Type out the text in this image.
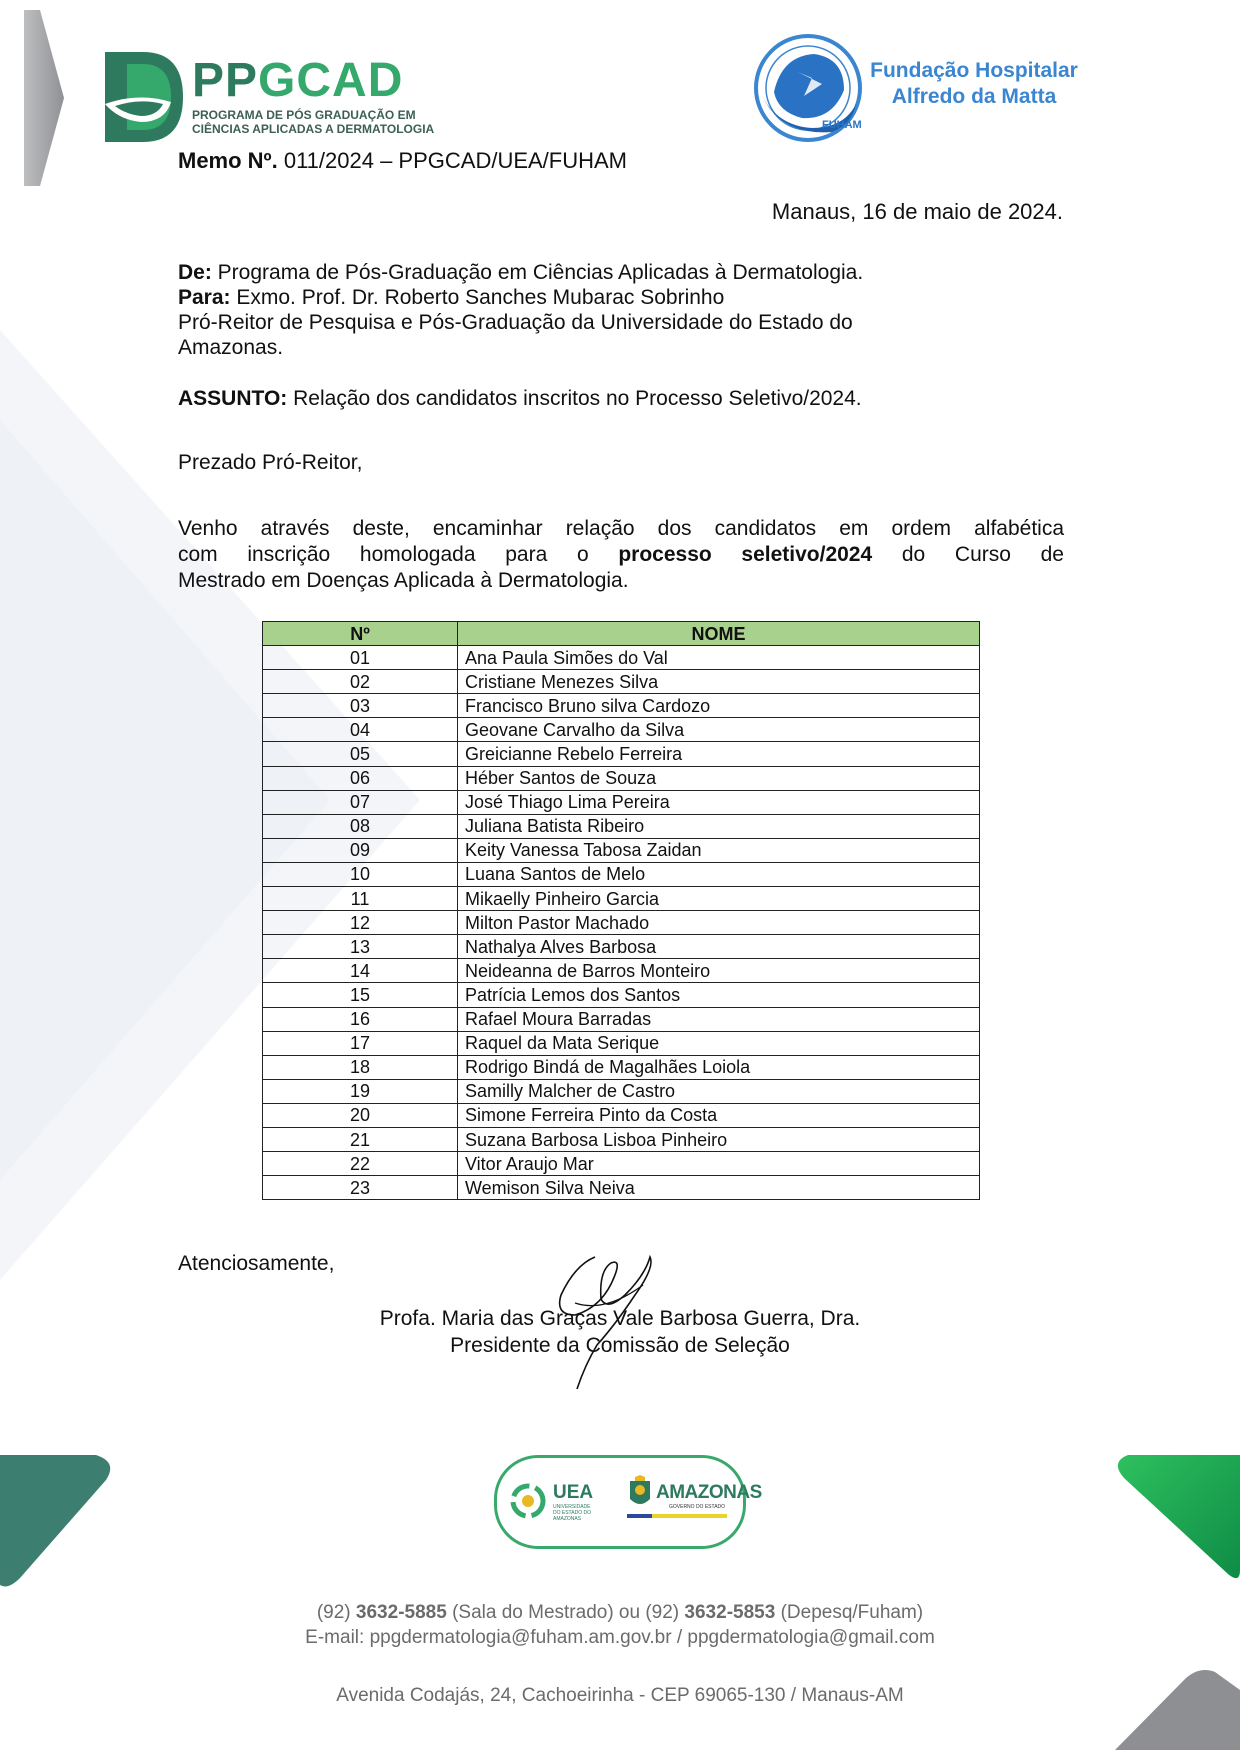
PPGCAD
PROGRAMA DE PÓS GRADUAÇÃO EM
CIÊNCIAS APLICADAS A DERMATOLOGIA	FUHAM
Fundação Hospitalar
Alfredo da Matta
Memo Nº. 011/2024 – PPGCAD/UEA/FUHAM
Manaus, 16 de maio de 2024.
De: Programa de Pós-Graduação em Ciências Aplicadas à Dermatologia.
Para: Exmo. Prof. Dr. Roberto Sanches Mubarac Sobrinho
Pró-Reitor de Pesquisa e Pós-Graduação da Universidade do Estado do
Amazonas.
ASSUNTO: Relação dos candidatos inscritos no Processo Seletivo/2024.
Prezado Pró-Reitor,
Venho através deste, encaminhar relação dos candidatos em ordem alfabética
com inscrição homologada para o processo seletivo/2024 do Curso de
Mestrado em Doenças Aplicada à Dermatologia.
Nº	NOME
01	Ana Paula Simões do Val
02	Cristiane Menezes Silva
03	Francisco Bruno silva Cardozo
04	Geovane Carvalho da Silva
05	Greicianne Rebelo Ferreira
06	Héber Santos de Souza
07	José Thiago Lima Pereira
08	Juliana Batista Ribeiro
09	Keity Vanessa Tabosa Zaidan
10	Luana Santos de Melo
11	Mikaelly Pinheiro Garcia
12	Milton Pastor Machado
13	Nathalya Alves Barbosa
14	Neideanna de Barros Monteiro
15	Patrícia Lemos dos Santos
16	Rafael Moura Barradas
17	Raquel da Mata Serique
18	Rodrigo Bindá de Magalhães Loiola
19	Samilly Malcher de Castro
20	Simone Ferreira Pinto da Costa
21	Suzana Barbosa Lisboa Pinheiro
22	Vitor Araujo Mar
23	Wemison Silva Neiva
Atenciosamente,
Profa. Maria das Graças Vale Barbosa Guerra, Dra.
Presidente da Comissão de Seleção
UEA
UNIVERSIDADE DO ESTADO DO AMAZONAS
AMAZONAS
GOVERNO DO ESTADO
(92) 3632-5885 (Sala do Mestrado) ou (92) 3632-5853 (Depesq/Fuham)
E-mail: ppgdermatologia@fuham.am.gov.br / ppgdermatologia@gmail.com
Avenida Codajás, 24, Cachoeirinha - CEP 69065-130 / Manaus-AM
